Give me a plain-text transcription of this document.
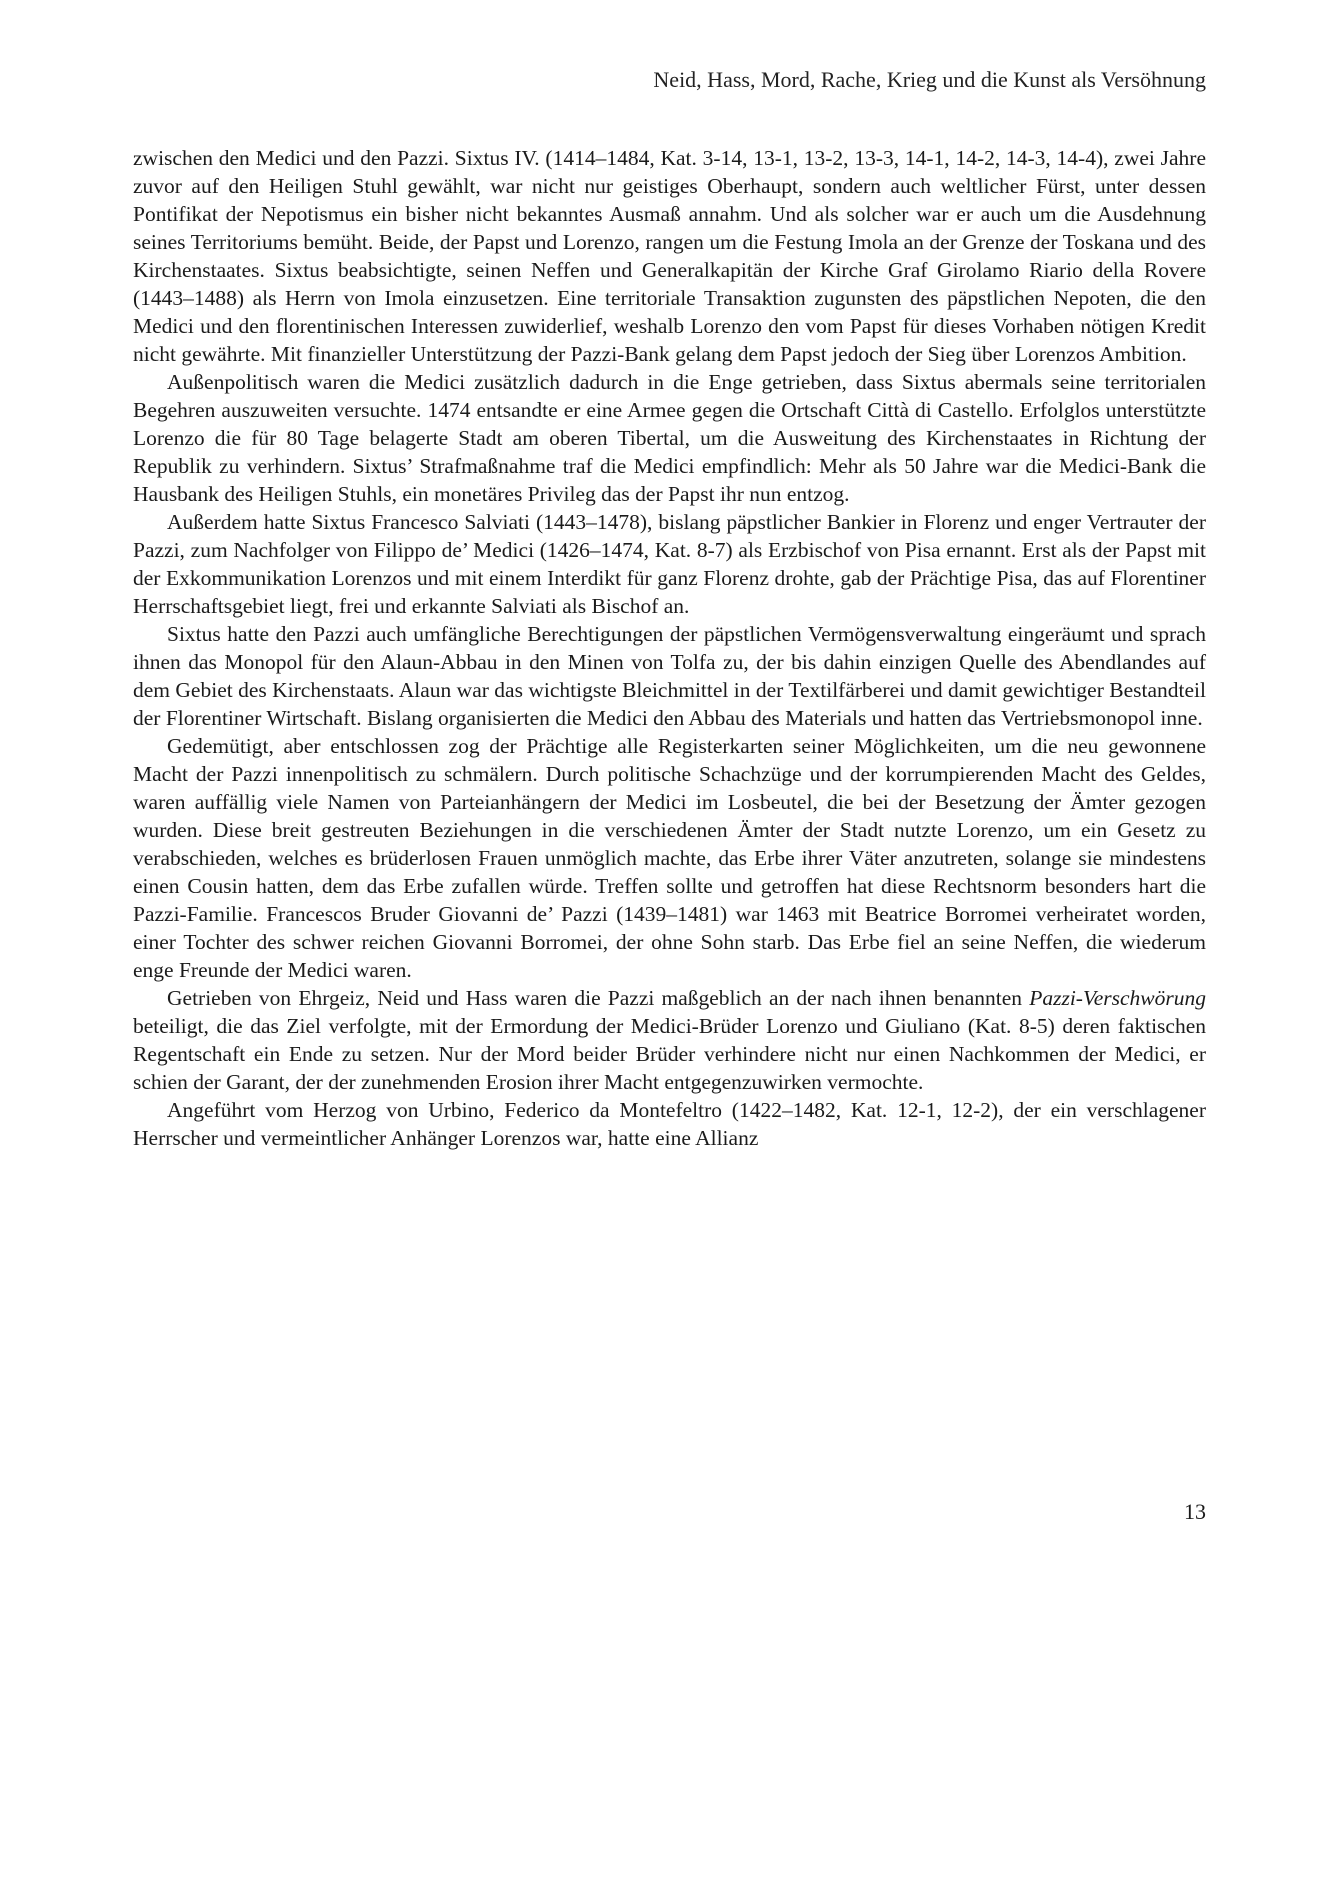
Neid, Hass, Mord, Rache, Krieg und die Kunst als Versöhnung

zwischen den Medici und den Pazzi. Sixtus IV. (1414–1484, Kat. 3-14, 13-1, 13-2, 13-3, 14-1, 14-2, 14-3, 14-4), zwei Jahre zuvor auf den Heiligen Stuhl gewählt, war nicht nur geistiges Oberhaupt, sondern auch weltlicher Fürst, unter dessen Pontifikat der Nepotismus ein bisher nicht bekanntes Ausmaß annahm. Und als solcher war er auch um die Ausdehnung seines Territoriums bemüht. Beide, der Papst und Lorenzo, rangen um die Festung Imola an der Grenze der Toskana und des Kirchenstaates. Sixtus beabsichtigte, seinen Neffen und Generalkapitän der Kirche Graf Girolamo Riario della Rovere (1443–1488) als Herrn von Imola einzusetzen. Eine territoriale Transaktion zugunsten des päpstlichen Nepoten, die den Medici und den florentinischen Interessen zuwiderlief, weshalb Lorenzo den vom Papst für dieses Vorhaben nötigen Kredit nicht gewährte. Mit finanzieller Unterstützung der Pazzi-Bank gelang dem Papst jedoch der Sieg über Lorenzos Ambition.

Außenpolitisch waren die Medici zusätzlich dadurch in die Enge getrieben, dass Sixtus abermals seine territorialen Begehren auszuweiten versuchte. 1474 entsandte er eine Armee gegen die Ortschaft Città di Castello. Erfolglos unterstützte Lorenzo die für 80 Tage belagerte Stadt am oberen Tibertal, um die Ausweitung des Kirchenstaates in Richtung der Republik zu verhindern. Sixtus’ Strafmaßnahme traf die Medici empfindlich: Mehr als 50 Jahre war die Medici-Bank die Hausbank des Heiligen Stuhls, ein monetäres Privileg das der Papst ihr nun entzog.

Außerdem hatte Sixtus Francesco Salviati (1443–1478), bislang päpstlicher Bankier in Florenz und enger Vertrauter der Pazzi, zum Nachfolger von Filippo de’ Medici (1426–1474, Kat. 8-7) als Erzbischof von Pisa ernannt. Erst als der Papst mit der Exkommunikation Lorenzos und mit einem Interdikt für ganz Florenz drohte, gab der Prächtige Pisa, das auf Florentiner Herrschaftsgebiet liegt, frei und erkannte Salviati als Bischof an.

Sixtus hatte den Pazzi auch umfängliche Berechtigungen der päpstlichen Vermögensverwaltung eingeräumt und sprach ihnen das Monopol für den Alaun-Abbau in den Minen von Tolfa zu, der bis dahin einzigen Quelle des Abendlandes auf dem Gebiet des Kirchenstaats. Alaun war das wichtigste Bleichmittel in der Textilfärberei und damit gewichtiger Bestandteil der Florentiner Wirtschaft. Bislang organisierten die Medici den Abbau des Materials und hatten das Vertriebsmonopol inne.

Gedemütigt, aber entschlossen zog der Prächtige alle Registerkarten seiner Möglichkeiten, um die neu gewonnene Macht der Pazzi innenpolitisch zu schmälern. Durch politische Schachzüge und der korrumpierenden Macht des Geldes, waren auffällig viele Namen von Parteianhängern der Medici im Losbeutel, die bei der Besetzung der Ämter gezogen wurden. Diese breit gestreuten Beziehungen in die verschiedenen Ämter der Stadt nutzte Lorenzo, um ein Gesetz zu verabschieden, welches es brüderlosen Frauen unmöglich machte, das Erbe ihrer Väter anzutreten, solange sie mindestens einen Cousin hatten, dem das Erbe zufallen würde. Treffen sollte und getroffen hat diese Rechtsnorm besonders hart die Pazzi-Familie. Francescos Bruder Giovanni de’ Pazzi (1439–1481) war 1463 mit Beatrice Borromei verheiratet worden, einer Tochter des schwer reichen Giovanni Borromei, der ohne Sohn starb. Das Erbe fiel an seine Neffen, die wiederum enge Freunde der Medici waren.

Getrieben von Ehrgeiz, Neid und Hass waren die Pazzi maßgeblich an der nach ihnen benannten Pazzi-Verschwörung beteiligt, die das Ziel verfolgte, mit der Ermordung der Medici-Brüder Lorenzo und Giuliano (Kat. 8-5) deren faktischen Regentschaft ein Ende zu setzen. Nur der Mord beider Brüder verhindere nicht nur einen Nachkommen der Medici, er schien der Garant, der der zunehmenden Erosion ihrer Macht entgegenzuwirken vermochte.

Angeführt vom Herzog von Urbino, Federico da Montefeltro (1422–1482, Kat. 12-1, 12-2), der ein verschlagener Herrscher und vermeintlicher Anhänger Lorenzos war, hatte eine Allianz

13
